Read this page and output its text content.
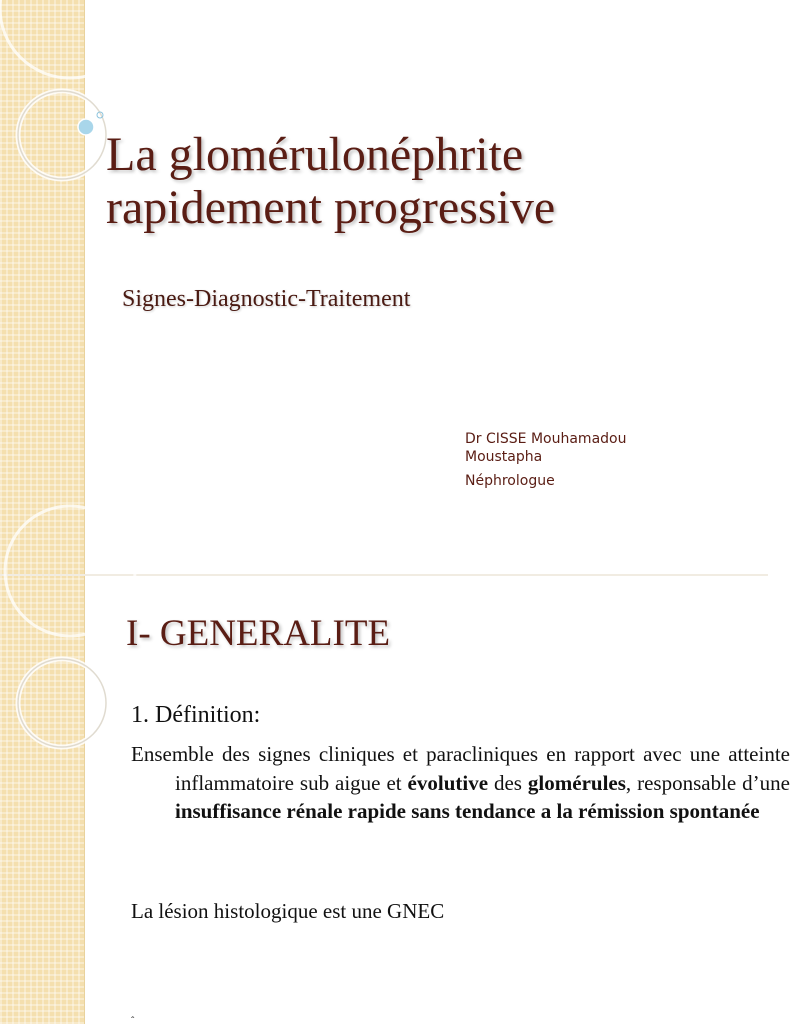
La glomérulonéphrite
rapidement progressive

Signes-Diagnostic-Traitement

Dr CISSE Mouhamadou Moustapha
Néphrologue
I- GENERALITE
1. Définition:

Ensemble des signes cliniques et paracliniques en rapport avec une atteinte inflammatoire sub aigue et évolutive des glomérules, responsable d’une insuffisance rénale rapide sans tendance a la rémission spontanée

La lésion histologique est une GNEC
ˆ
